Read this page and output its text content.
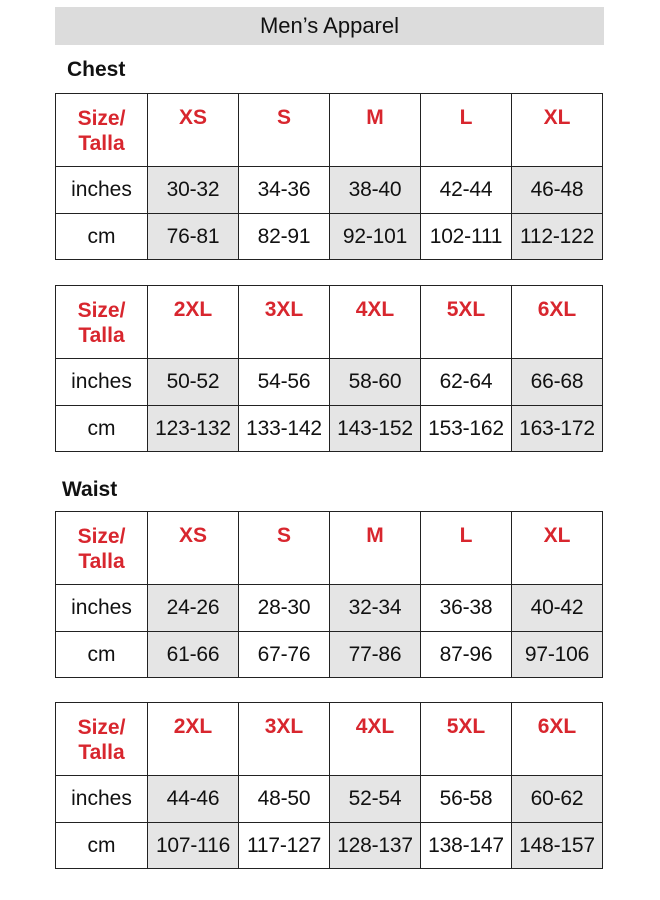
Men’s Apparel
Chest
Size/
Talla	XS	S	M	L	XL

inches	30-32	34-36	38-40	42-44	46-48
cm	76-81	82-91	92-101	102-111	112-122
Size/
Talla	2XL	3XL	4XL	5XL	6XL

inches	50-52	54-56	58-60	62-64	66-68
cm	123-132	133-142	143-152	153-162	163-172
Waist
Size/
Talla	XS	S	M	L	XL

inches	24-26	28-30	32-34	36-38	40-42
cm	61-66	67-76	77-86	87-96	97-106
Size/
Talla	2XL	3XL	4XL	5XL	6XL

inches	44-46	48-50	52-54	56-58	60-62
cm	107-116	117-127	128-137	138-147	148-157
